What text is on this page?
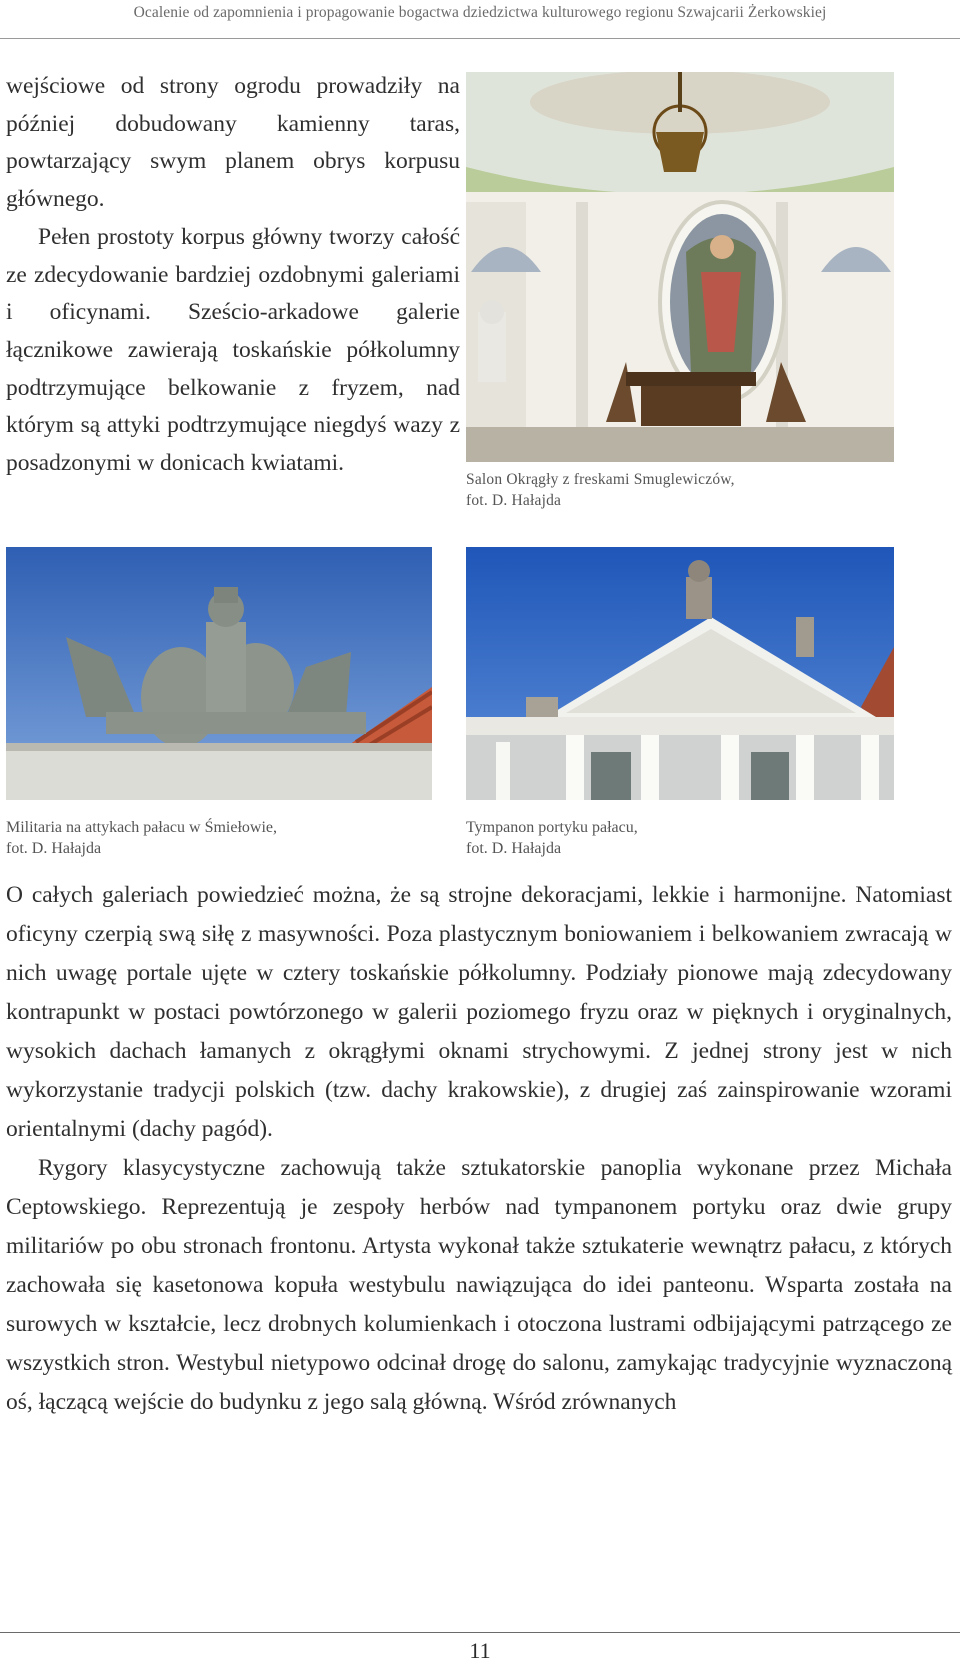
Ocalenie od zapomnienia i propagowanie bogactwa dziedzictwa kulturowego regionu Szwajcarii Żerkowskiej

wejściowe od strony ogrodu prowadziły na później dobudowany kamienny taras, powtarzający swym planem obrys korpusu głównego.

Pełen prostoty korpus główny tworzy całość ze zdecydowanie bardziej ozdobnymi galeriami i oficynami. Sześcio-arkadowe galerie łącznikowe zawierają toskańskie półkolumny podtrzymujące belkowanie z fryzem, nad którym są attyki podtrzymujące niegdyś wazy z posadzonymi w donicach kwiatami.

Salon Okrągły z freskami Smuglewiczów,
fot. D. Hałajda
Militaria na attykach pałacu w Śmiełowie,
fot. D. Hałajda
Tympanon portyku pałacu,
fot. D. Hałajda

O całych galeriach powiedzieć można, że są strojne dekoracjami, lekkie i harmonijne. Natomiast oficyny czerpią swą siłę z masywności. Poza plastycznym boniowaniem i belkowaniem zwracają w nich uwagę portale ujęte w cztery toskańskie półkolumny. Podziały pionowe mają zdecydowany kontrapunkt w postaci powtórzonego w galerii poziomego fryzu oraz w pięknych i oryginalnych, wysokich dachach łamanych z okrągłymi oknami strychowymi. Z jednej strony jest w nich wykorzystanie tradycji polskich (tzw. dachy krakowskie), z drugiej zaś zainspirowanie wzorami orientalnymi (dachy pagód).

Rygory klasycystyczne zachowują także sztukatorskie panoplia wykonane przez Michała Ceptowskiego. Reprezentują je zespoły herbów nad tympanonem portyku oraz dwie grupy militariów po obu stronach frontonu. Artysta wykonał także sztukaterie wewnątrz pałacu, z których zachowała się kasetonowa kopuła westybulu nawiązująca do idei panteonu. Wsparta została na surowych w kształcie, lecz drobnych kolumienkach i otoczona lustrami odbijającymi patrzącego ze wszystkich stron. Westybul nietypowo odcinał drogę do salonu, zamykając tradycyjnie wyznaczoną oś, łączącą wejście do budynku z jego salą główną. Wśród zrównanych

11
